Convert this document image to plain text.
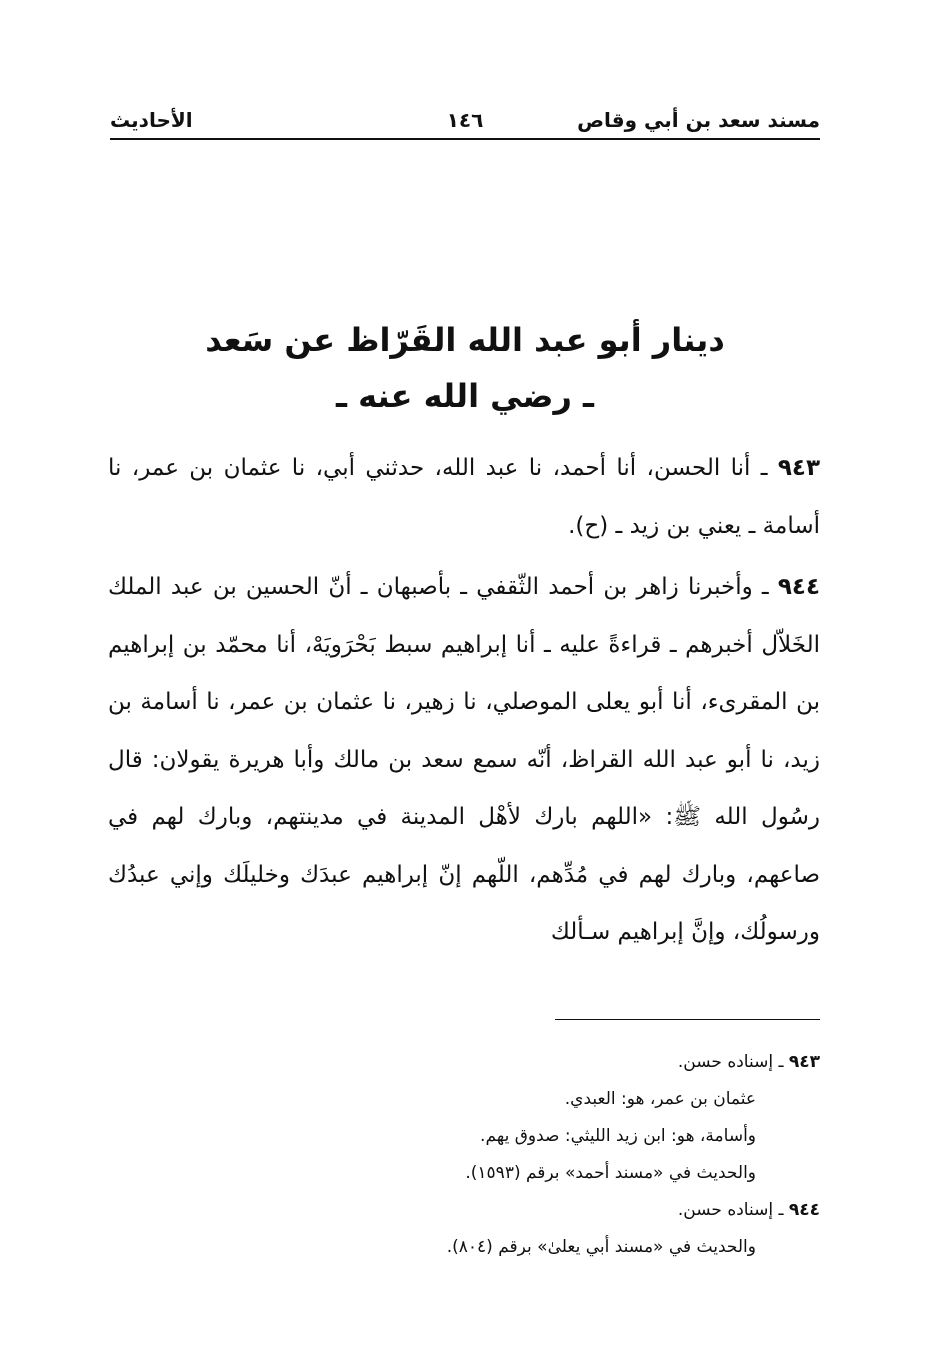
مسند سعد بن أبي وقاص
١٤٦
الأحاديث
دينار أبو عبد الله القَرّاظ عن سَعد
ـ رضي الله عنه ـ

٩٤٣ ـ أنا الحسن، أنا أحمد، نا عبد الله، حدثني أبي، نا عثمان بن عمر، نا أسامة ـ يعني بن زيد ـ (ح).

٩٤٤ ـ وأخبرنا زاهر بن أحمد الثّقفي ـ بأصبهان ـ أنّ الحسين بن عبد الملك الخَلاّل أخبرهم ـ قراءةً عليه ـ أنا إبراهيم سبط بَحْرَويَهْ، أنا محمّد بن إبراهيم بن المقرىء، أنا أبو يعلى الموصلي، نا زهير، نا عثمان بن عمر، نا أسامة بن زيد، نا أبو عبد الله القراظ، أنّه سمع سعد بن مالك وأبا هريرة يقولان: قال رسُول الله ﷺ: «اللهم بارك لأهْل المدينة في مدينتهم، وبارك لهم في صاعهم، وبارك لهم في مُدِّهم، اللّهم إنّ إبراهيم عبدَك وخليلَك وإني عبدُك ورسولُك، وإنَّ إبراهيم سـألك

٩٤٣ ـ إسناده حسن.

عثمان بن عمر، هو: العبدي.

وأسامة، هو: ابن زيد الليثي: صدوق يهم.

والحديث في «مسند أحمد» برقم (١٥٩٣).

٩٤٤ ـ إسناده حسن.

والحديث في «مسند أبي يعلىٰ» برقم (٨٠٤).
